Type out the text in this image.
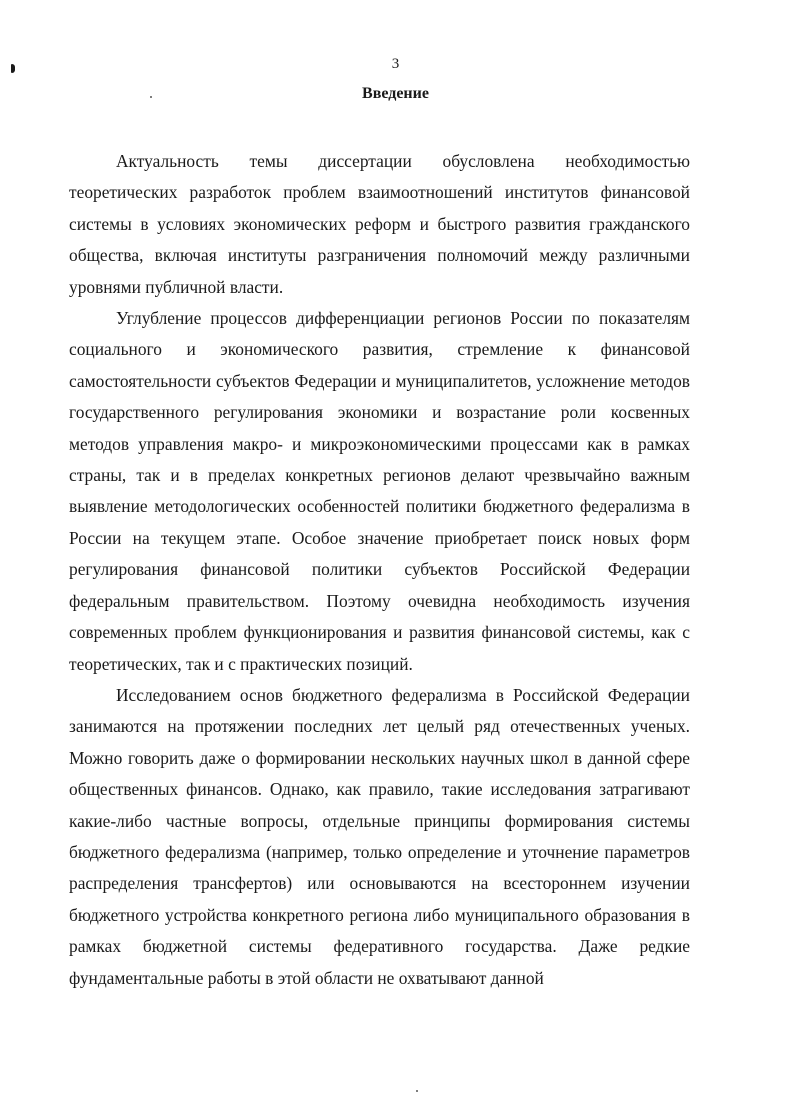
3
Введение

Актуальность темы диссертации обусловлена необходимостью теоретических разработок проблем взаимоотношений институтов финансовой системы в условиях экономических реформ и быстрого развития гражданского общества, включая институты разграничения полномочий между различными уровнями публичной власти.

Углубление процессов дифференциации регионов России по показателям социального и экономического развития, стремление к финансовой самостоятельности субъектов Федерации и муниципалитетов, усложнение методов государственного регулирования экономики и возрастание роли косвенных методов управления макро- и микроэкономическими процессами как в рамках страны, так и в пределах конкретных регионов делают чрезвычайно важным выявление методологических особенностей политики бюджетного федерализма в России на текущем этапе. Особое значение приобретает поиск новых форм регулирования финансовой политики субъектов Российской Федерации федеральным правительством. Поэтому очевидна необходимость изучения современных проблем функционирования и развития финансовой системы, как с теоретических, так и с практических позиций.

Исследованием основ бюджетного федерализма в Российской Федерации занимаются на протяжении последних лет целый ряд отечественных ученых. Можно говорить даже о формировании нескольких научных школ в данной сфере общественных финансов. Однако, как правило, такие исследования затрагивают какие-либо частные вопросы, отдельные принципы формирования системы бюджетного федерализма (например, только определение и уточнение параметров распределения трансфертов) или основываются на всестороннем изучении бюджетного устройства конкретного региона либо муниципального образования в рамках бюджетной системы федеративного государства. Даже редкие фундаментальные работы в этой области не охватывают данной
